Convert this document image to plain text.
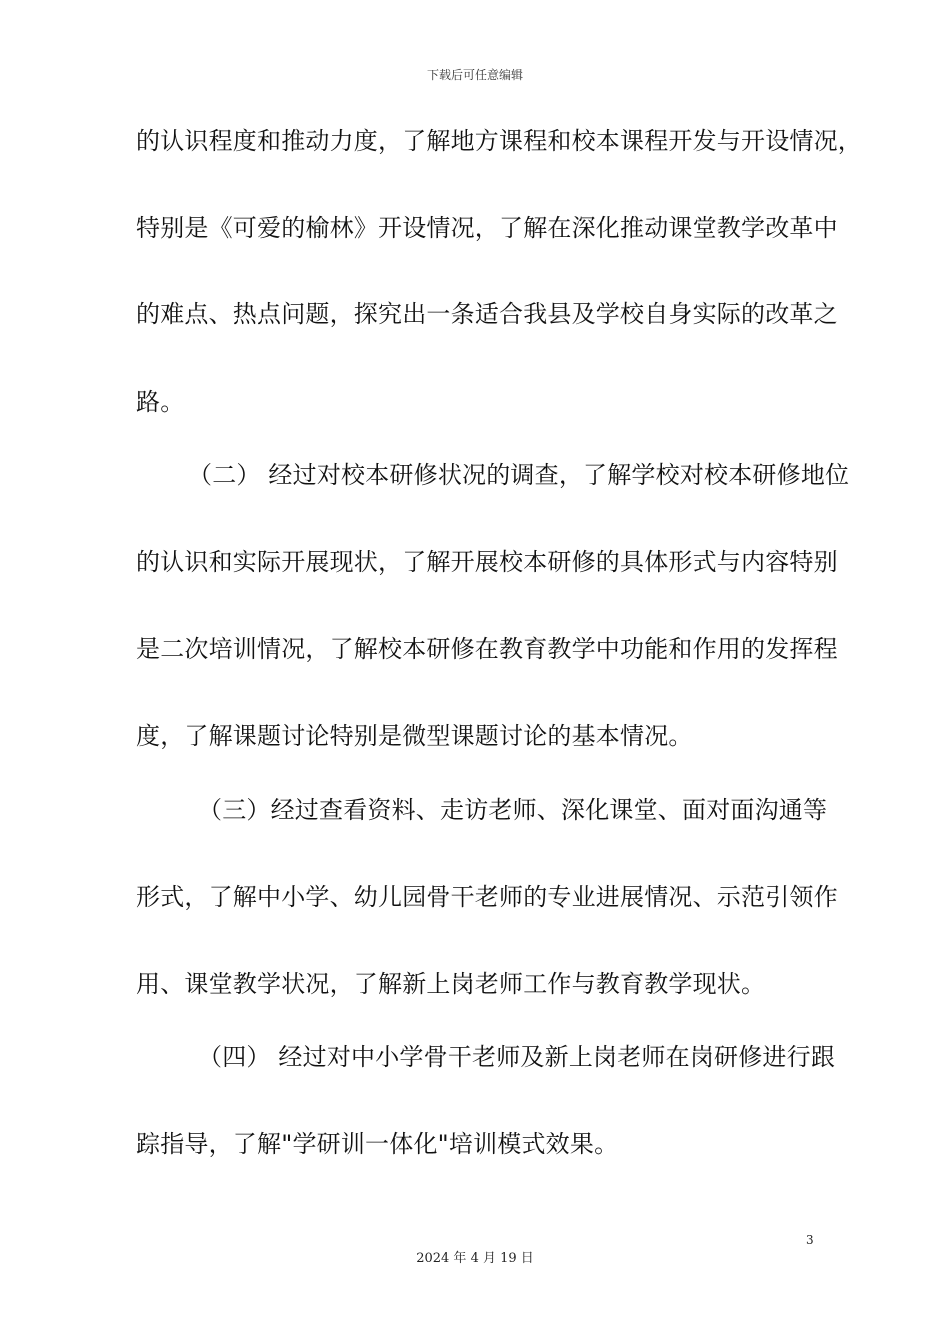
下载后可任意编辑
的认识程度和推动力度，了解地方课程和校本课程开发与开设情况，
特别是《可爱的榆林》开设情况，了解在深化推动课堂教学改革中
的难点、热点问题，探究出一条适合我县及学校自身实际的改革之
路。
（二） 经过对校本研修状况的调查，了解学校对校本研修地位
的认识和实际开展现状，了解开展校本研修的具体形式与内容特别
是二次培训情况，了解校本研修在教育教学中功能和作用的发挥程
度，了解课题讨论特别是微型课题讨论的基本情况。
（三）经过查看资料、走访老师、深化课堂、面对面沟通等
形式，了解中小学、幼儿园骨干老师的专业进展情况、示范引领作
用、课堂教学状况，了解新上岗老师工作与教育教学现状。
（四） 经过对中小学骨干老师及新上岗老师在岗研修进行跟
踪指导，了解"学研训一体化"培训模式效果。
3
2024 年 4 月 19 日
